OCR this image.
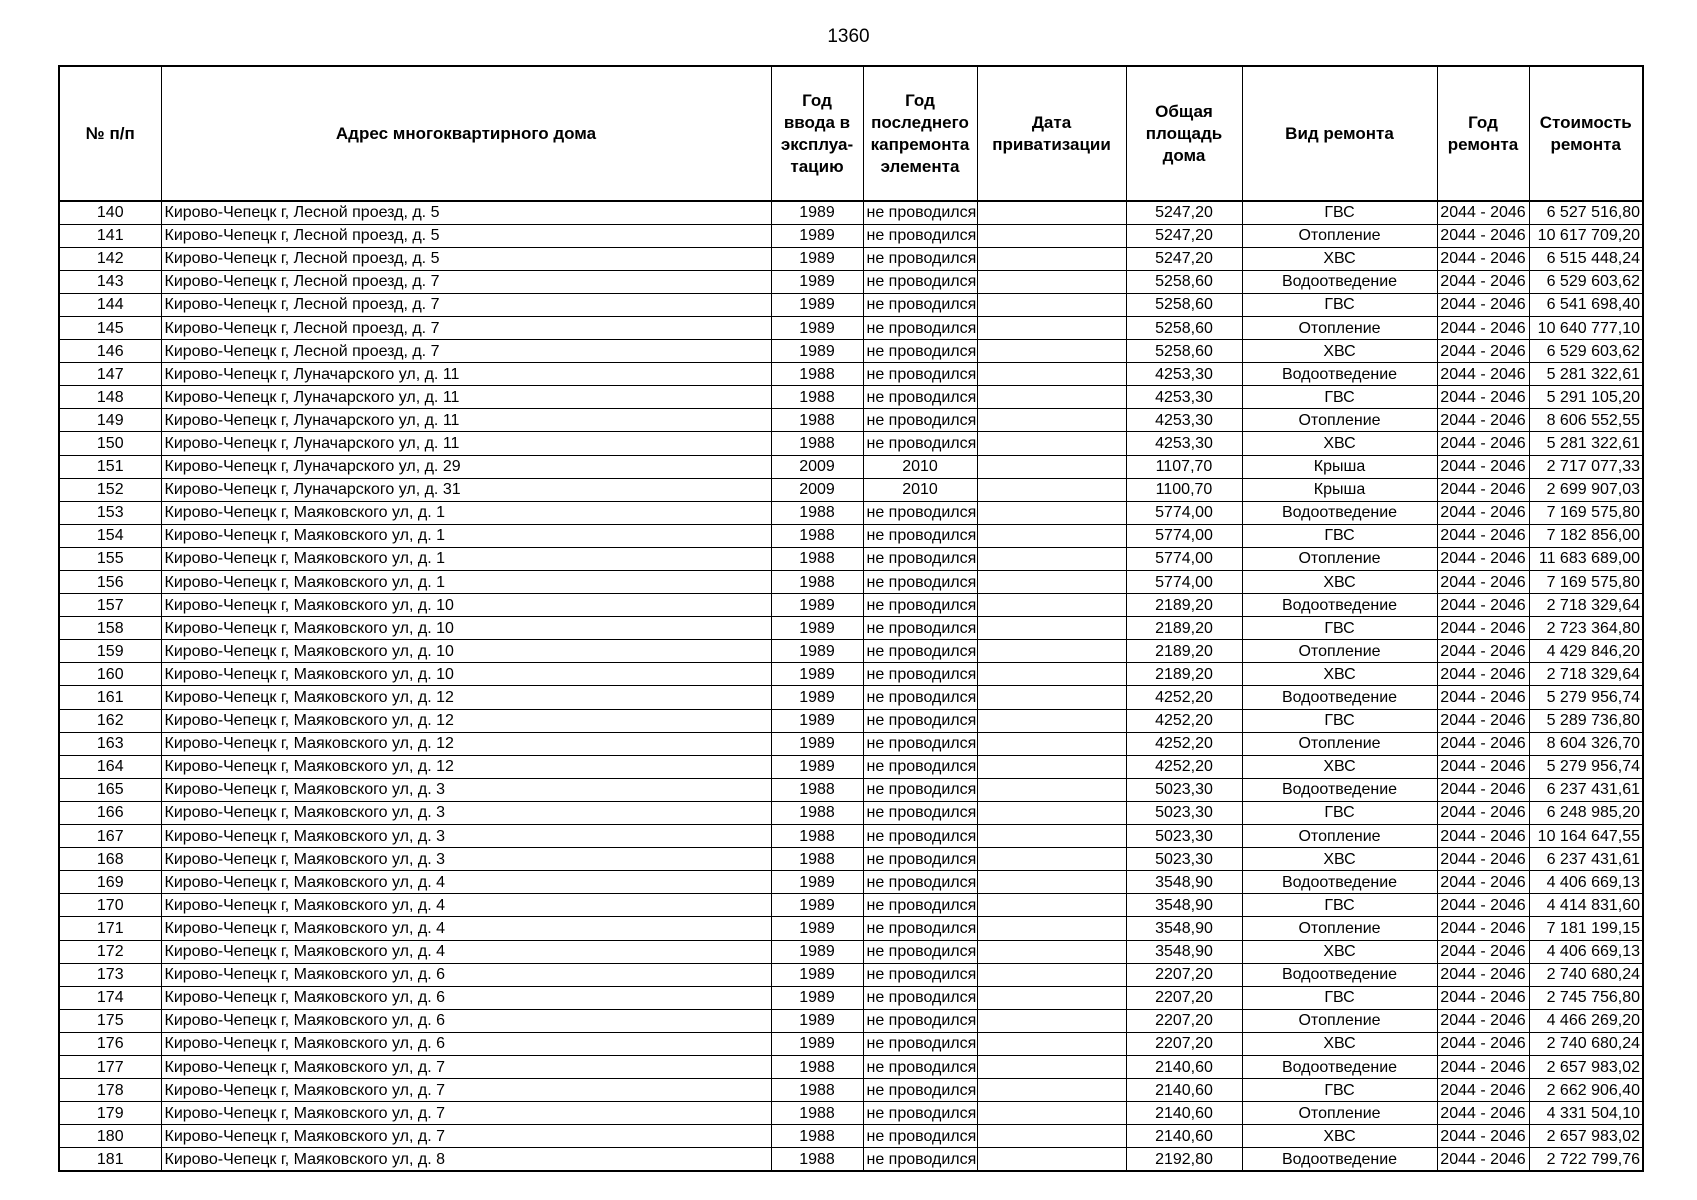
1360
№ п/п	Адрес многоквартирного дома	Год ввода в эксплуа-тацию	Год последнего капремонта элемента	Дата приватизации	Общая площадь дома	Вид ремонта	Год ремонта	Стоимость ремонта
140	Кирово-Чепецк г, Лесной проезд, д. 5	1989	не проводился		5247,20	ГВС	2044 - 2046	6 527 516,80
141	Кирово-Чепецк г, Лесной проезд, д. 5	1989	не проводился		5247,20	Отопление	2044 - 2046	10 617 709,20
142	Кирово-Чепецк г, Лесной проезд, д. 5	1989	не проводился		5247,20	ХВС	2044 - 2046	6 515 448,24
143	Кирово-Чепецк г, Лесной проезд, д. 7	1989	не проводился		5258,60	Водоотведение	2044 - 2046	6 529 603,62
144	Кирово-Чепецк г, Лесной проезд, д. 7	1989	не проводился		5258,60	ГВС	2044 - 2046	6 541 698,40
145	Кирово-Чепецк г, Лесной проезд, д. 7	1989	не проводился		5258,60	Отопление	2044 - 2046	10 640 777,10
146	Кирово-Чепецк г, Лесной проезд, д. 7	1989	не проводился		5258,60	ХВС	2044 - 2046	6 529 603,62
147	Кирово-Чепецк г, Луначарского ул, д. 11	1988	не проводился		4253,30	Водоотведение	2044 - 2046	5 281 322,61
148	Кирово-Чепецк г, Луначарского ул, д. 11	1988	не проводился		4253,30	ГВС	2044 - 2046	5 291 105,20
149	Кирово-Чепецк г, Луначарского ул, д. 11	1988	не проводился		4253,30	Отопление	2044 - 2046	8 606 552,55
150	Кирово-Чепецк г, Луначарского ул, д. 11	1988	не проводился		4253,30	ХВС	2044 - 2046	5 281 322,61
151	Кирово-Чепецк г, Луначарского ул, д. 29	2009	2010		1107,70	Крыша	2044 - 2046	2 717 077,33
152	Кирово-Чепецк г, Луначарского ул, д. 31	2009	2010		1100,70	Крыша	2044 - 2046	2 699 907,03
153	Кирово-Чепецк г, Маяковского ул, д. 1	1988	не проводился		5774,00	Водоотведение	2044 - 2046	7 169 575,80
154	Кирово-Чепецк г, Маяковского ул, д. 1	1988	не проводился		5774,00	ГВС	2044 - 2046	7 182 856,00
155	Кирово-Чепецк г, Маяковского ул, д. 1	1988	не проводился		5774,00	Отопление	2044 - 2046	11 683 689,00
156	Кирово-Чепецк г, Маяковского ул, д. 1	1988	не проводился		5774,00	ХВС	2044 - 2046	7 169 575,80
157	Кирово-Чепецк г, Маяковского ул, д. 10	1989	не проводился		2189,20	Водоотведение	2044 - 2046	2 718 329,64
158	Кирово-Чепецк г, Маяковского ул, д. 10	1989	не проводился		2189,20	ГВС	2044 - 2046	2 723 364,80
159	Кирово-Чепецк г, Маяковского ул, д. 10	1989	не проводился		2189,20	Отопление	2044 - 2046	4 429 846,20
160	Кирово-Чепецк г, Маяковского ул, д. 10	1989	не проводился		2189,20	ХВС	2044 - 2046	2 718 329,64
161	Кирово-Чепецк г, Маяковского ул, д. 12	1989	не проводился		4252,20	Водоотведение	2044 - 2046	5 279 956,74
162	Кирово-Чепецк г, Маяковского ул, д. 12	1989	не проводился		4252,20	ГВС	2044 - 2046	5 289 736,80
163	Кирово-Чепецк г, Маяковского ул, д. 12	1989	не проводился		4252,20	Отопление	2044 - 2046	8 604 326,70
164	Кирово-Чепецк г, Маяковского ул, д. 12	1989	не проводился		4252,20	ХВС	2044 - 2046	5 279 956,74
165	Кирово-Чепецк г, Маяковского ул, д. 3	1988	не проводился		5023,30	Водоотведение	2044 - 2046	6 237 431,61
166	Кирово-Чепецк г, Маяковского ул, д. 3	1988	не проводился		5023,30	ГВС	2044 - 2046	6 248 985,20
167	Кирово-Чепецк г, Маяковского ул, д. 3	1988	не проводился		5023,30	Отопление	2044 - 2046	10 164 647,55
168	Кирово-Чепецк г, Маяковского ул, д. 3	1988	не проводился		5023,30	ХВС	2044 - 2046	6 237 431,61
169	Кирово-Чепецк г, Маяковского ул, д. 4	1989	не проводился		3548,90	Водоотведение	2044 - 2046	4 406 669,13
170	Кирово-Чепецк г, Маяковского ул, д. 4	1989	не проводился		3548,90	ГВС	2044 - 2046	4 414 831,60
171	Кирово-Чепецк г, Маяковского ул, д. 4	1989	не проводился		3548,90	Отопление	2044 - 2046	7 181 199,15
172	Кирово-Чепецк г, Маяковского ул, д. 4	1989	не проводился		3548,90	ХВС	2044 - 2046	4 406 669,13
173	Кирово-Чепецк г, Маяковского ул, д. 6	1989	не проводился		2207,20	Водоотведение	2044 - 2046	2 740 680,24
174	Кирово-Чепецк г, Маяковского ул, д. 6	1989	не проводился		2207,20	ГВС	2044 - 2046	2 745 756,80
175	Кирово-Чепецк г, Маяковского ул, д. 6	1989	не проводился		2207,20	Отопление	2044 - 2046	4 466 269,20
176	Кирово-Чепецк г, Маяковского ул, д. 6	1989	не проводился		2207,20	ХВС	2044 - 2046	2 740 680,24
177	Кирово-Чепецк г, Маяковского ул, д. 7	1988	не проводился		2140,60	Водоотведение	2044 - 2046	2 657 983,02
178	Кирово-Чепецк г, Маяковского ул, д. 7	1988	не проводился		2140,60	ГВС	2044 - 2046	2 662 906,40
179	Кирово-Чепецк г, Маяковского ул, д. 7	1988	не проводился		2140,60	Отопление	2044 - 2046	4 331 504,10
180	Кирово-Чепецк г, Маяковского ул, д. 7	1988	не проводился		2140,60	ХВС	2044 - 2046	2 657 983,02
181	Кирово-Чепецк г, Маяковского ул, д. 8	1988	не проводился		2192,80	Водоотведение	2044 - 2046	2 722 799,76
